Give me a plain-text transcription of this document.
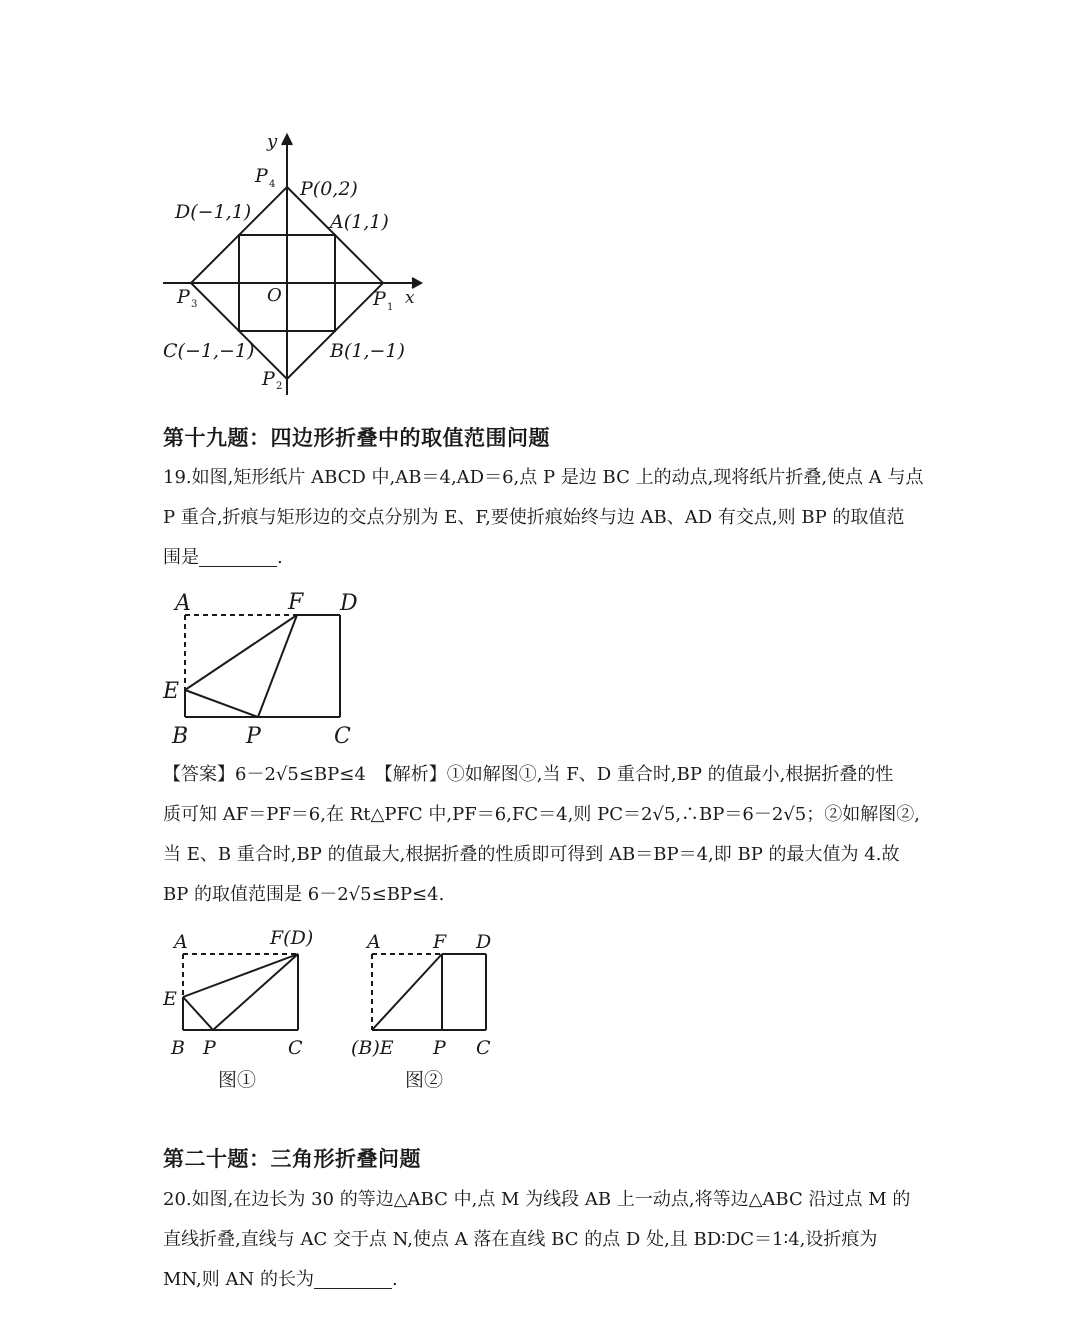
y
x
O
P 4 P(0,2)
D(−1,1)	A(1,1)
P 3	P 1
C(−1,−1)	B(1,−1)
P 2
第十九题：四边形折叠中的取值范围问题
19.如图,矩形纸片 ABCD 中,AB＝4,AD＝6,点 P 是边 BC 上的动点,现将纸片折叠,使点 A 与点
P 重合,折痕与矩形边的交点分别为 E、F,要使折痕始终与边 AB、AD 有交点,则 BP 的取值范
围是	.
A	F D
E
B	P	C
【答案】6－2√5≤BP≤4　【解析】①如解图①,当 F、D 重合时,BP 的值最小,根据折叠的性
质可知 AF＝PF＝6,在 Rt△PFC 中,PF＝6,FC＝4,则 PC＝2√5,∴BP＝6－2√5；②如解图②,
当 E、B 重合时,BP 的值最大,根据折叠的性质即可得到 AB＝BP＝4,即 BP 的最大值为 4.故
BP 的取值范围是 6－2√5≤BP≤4.
A	F(D)
E
B P	C
图①
A	F D
(B)E P C
图②
第二十题：三角形折叠问题
20.如图,在边长为 30 的等边△ABC 中,点 M 为线段 AB 上一动点,将等边△ABC 沿过点 M 的
直线折叠,直线与 AC 交于点 N,使点 A 落在直线 BC 的点 D 处,且 BD∶DC＝1∶4,设折痕为
MN,则 AN 的长为	.
